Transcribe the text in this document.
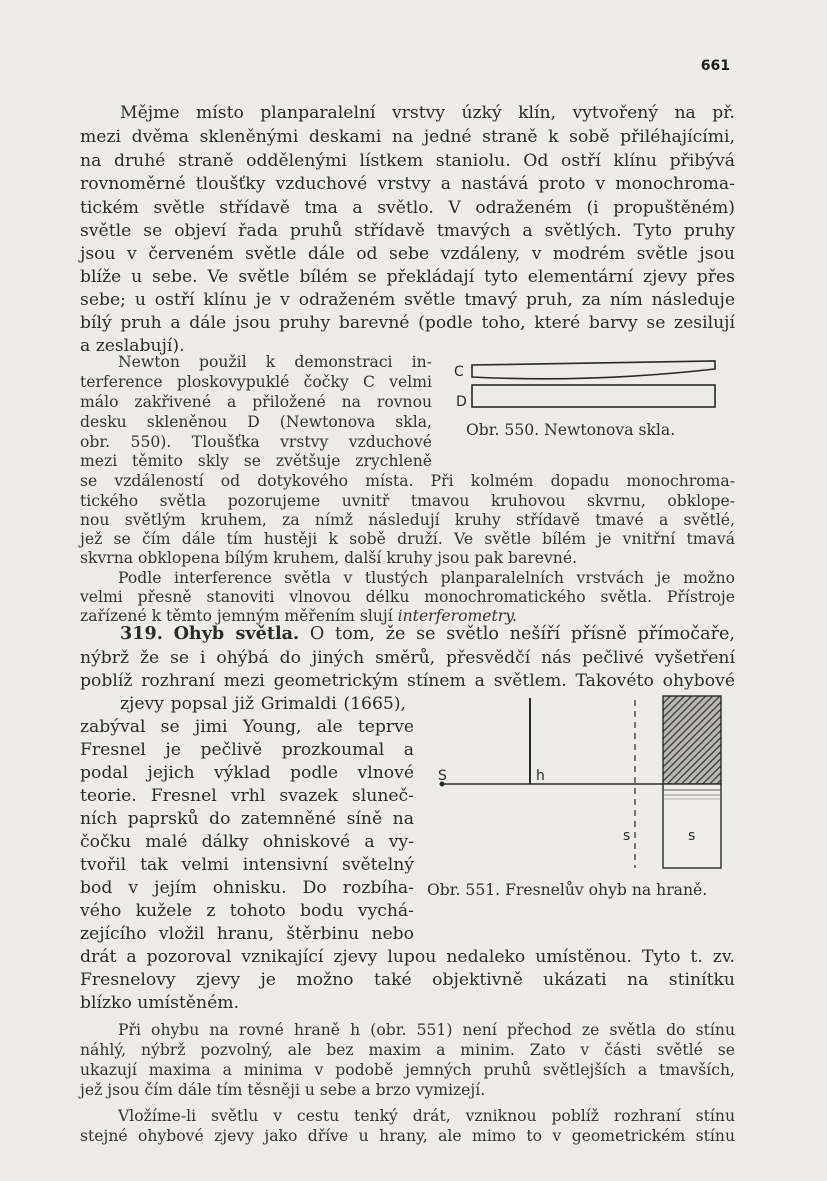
661
Mějme místo planparalelní vrstvy úzký klín, vytvořený na př.
mezi dvěma skleněnými deskami na jedné straně k sobě přiléhajícími,
na druhé straně oddělenými lístkem staniolu. Od ostří klínu přibývá
rovnoměrné tloušťky vzduchové vrstvy a nastává proto v monochroma-
tickém světle střídavě tma a světlo. V odraženém (i propuštěném)
světle se objeví řada pruhů střídavě tmavých a světlých. Tyto pruhy
jsou v červeném světle dále od sebe vzdáleny, v modrém světle jsou
blíže u sebe. Ve světle bílém se překládají tyto elementární zjevy přes
sebe; u ostří klínu je v odraženém světle tmavý pruh, za ním následuje
bílý pruh a dále jsou pruhy barevné (podle toho, které barvy se zesilují
a zeslabují).
Newton použil k demonstraci in-
terference ploskovypuklé čočky C velmi
málo zakřivené a přiložené na rovnou
desku skleněnou D (Newtonova skla,
obr. 550). Tloušťka vrstvy vzduchové
mezi těmito skly se zvětšuje zrychleně
se vzdáleností od dotykového místa. Při kolmém dopadu monochroma-
tického světla pozorujeme uvnitř tmavou kruhovou skvrnu, obklope-
nou světlým kruhem, za nímž následují kruhy střídavě tmavé a světlé,
jež se čím dále tím hustěji k sobě druží. Ve světle bílém je vnitřní tmavá
skvrna obklopena bílým kruhem, další kruhy jsou pak barevné.
Podle interference světla v tlustých planparalelních vrstvách je možno
velmi přesně stanoviti vlnovou délku monochromatického světla. Přístroje
zařízené k těmto jemným měřením slují interferometry.
319. Ohyb světla. O tom, že se světlo nešíří přísně přímočaře,
nýbrž že se i ohýbá do jiných směrů, přesvědčí nás pečlivé vyšetření
poblíž rozhraní mezi geometrickým stínem a světlem. Takovéto ohybové
zjevy popsal již Grimaldi (1665),
zabýval se jimi Young, ale teprve
Fresnel je pečlivě prozkoumal a
podal jejich výklad podle vlnové
teorie. Fresnel vrhl svazek sluneč-
ních paprsků do zatemněné síně na
čočku malé dálky ohniskové a vy-
tvořil tak velmi intensivní světelný
bod v jejím ohnisku. Do rozbíha-
vého kužele z tohoto bodu vychá-
zejícího vložil hranu, štěrbinu nebo
drát a pozoroval vznikající zjevy lupou nedaleko umístěnou. Tyto t. zv.
Fresnelovy zjevy je možno také objektivně ukázati na stinítku
blízko umístěném.
Při ohybu na rovné hraně h (obr. 551) není přechod ze světla do stínu
náhlý, nýbrž pozvolný, ale bez maxim a minim. Zato v části světlé se
ukazují maxima a minima v podobě jemných pruhů světlejších a tmavších,
jež jsou čím dále tím těsněji u sebe a brzo vymizejí.
Vložíme-li světlu v cestu tenký drát, vzniknou poblíž rozhraní stínu
stejné ohybové zjevy jako dříve u hrany, ale mimo to v geometrickém stínu
C
D
Obr. 550. Newtonova skla.
S	h
s	s
Obr. 551. Fresnelův ohyb na hraně.
